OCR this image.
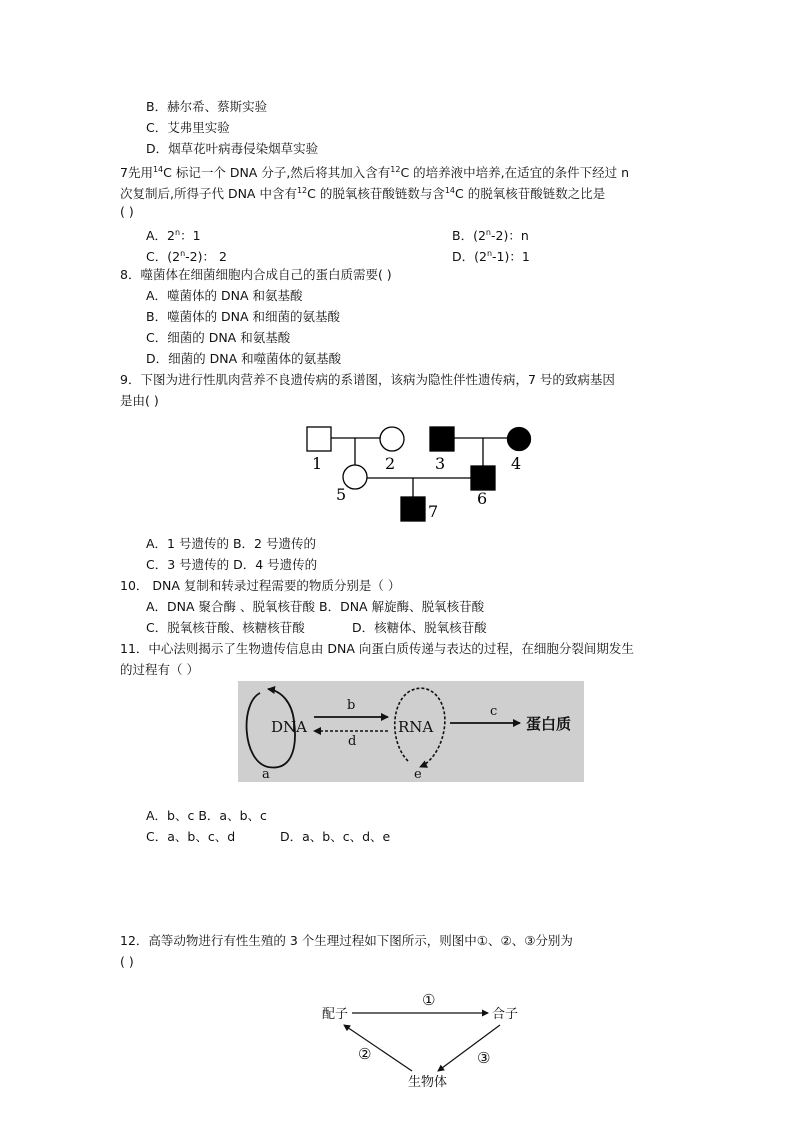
B．赫尔希、蔡斯实验
C．艾弗里实验
D．烟草花叶病毒侵染烟草实验
7先用$^{14}$C 标记一个 DNA 分子,然后将其加入含有$^{12}$C 的培养液中培养,在适宜的条件下经过 n
次复制后,所得子代 DNA 中含有$^{12}$C 的脱氧核苷酸链数与含$^{14}$C 的脱氧核苷酸链数之比是
( )
A．2$^n$：1	B．(2$^n$-2)：n
C．(2$^n$-2)： 2	D．(2$^n$-1)：1
8．噬菌体在细菌细胞内合成自己的蛋白质需要( )
A．噬菌体的 DNA 和氨基酸
B．噬菌体的 DNA 和细菌的氨基酸
C．细菌的 DNA 和氨基酸
D．细菌的 DNA 和噬菌体的氨基酸
9．下图为进行性肌肉营养不良遗传病的系谱图，该病为隐性伴性遗传病，7 号的致病基因
是由( )
1	2 3	4
5	6
7
A．1 号遗传的 B．2 号遗传的
C．3 号遗传的 D．4 号遗传的
10． DNA 复制和转录过程需要的物质分别是（ ）
A．DNA 聚合酶 、脱氧核苷酸 B．DNA 解旋酶、脱氧核苷酸
C．脱氧核苷酸、核糖核苷酸	D．核糖体、脱氧核苷酸
11．中心法则揭示了生物遗传信息由 DNA 向蛋白质传递与表达的过程，在细胞分裂间期发生
的过程有（ ）
DNA
a
b
d
RNA
e
c
蛋白质
A．b、c B．a、b、c
C．a、b、c、d	D．a、b、c、d、e
12．高等动物进行有性生殖的 3 个生理过程如下图所示，则图中①、②、③分别为
( )
配子	合子
生物体
①
②	③
